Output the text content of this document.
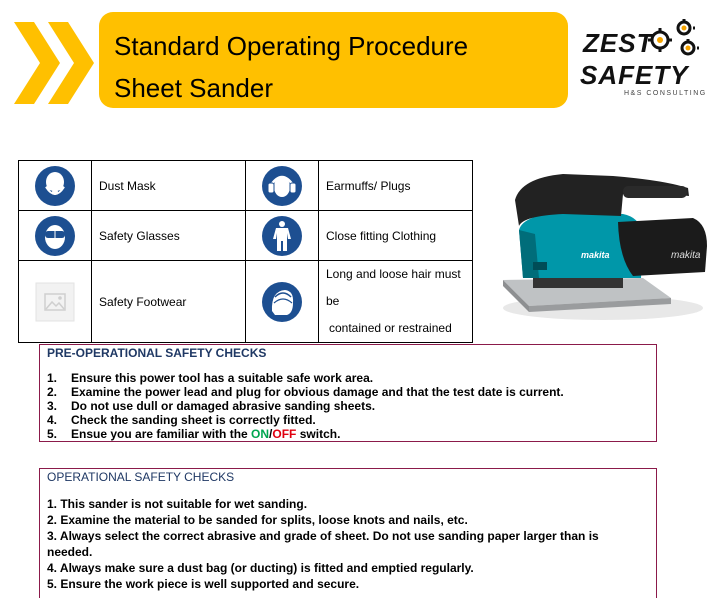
Standard Operating Procedure
Sheet Sander
ZEST
SAFETY
H&S CONSULTING
	Dust Mask		Earmuffs/ Plugs

	Safety Glasses		Close fitting Clothing

	Safety Footwear		Long and loose hair must be
contained or restrained
makita
makita
PRE-OPERATIONAL SAFETY CHECKS
1. Ensure this power tool has a suitable safe work area.
2. Examine the power lead and plug for obvious damage and that the test date is current.
3. Do not use dull or damaged abrasive sanding sheets.
4. Check the sanding sheet is correctly fitted.
5. Ensue you are familiar with the ON/OFF switch.
OPERATIONAL SAFETY CHECKS
1. This sander is not suitable for wet sanding.
2. Examine the material to be sanded for splits, loose knots and nails, etc.
3. Always select the correct abrasive and grade of sheet. Do not use sanding paper larger than is needed.
4. Always make sure a dust bag (or ducting) is fitted and emptied regularly.
5. Ensure the work piece is well supported and secure.
